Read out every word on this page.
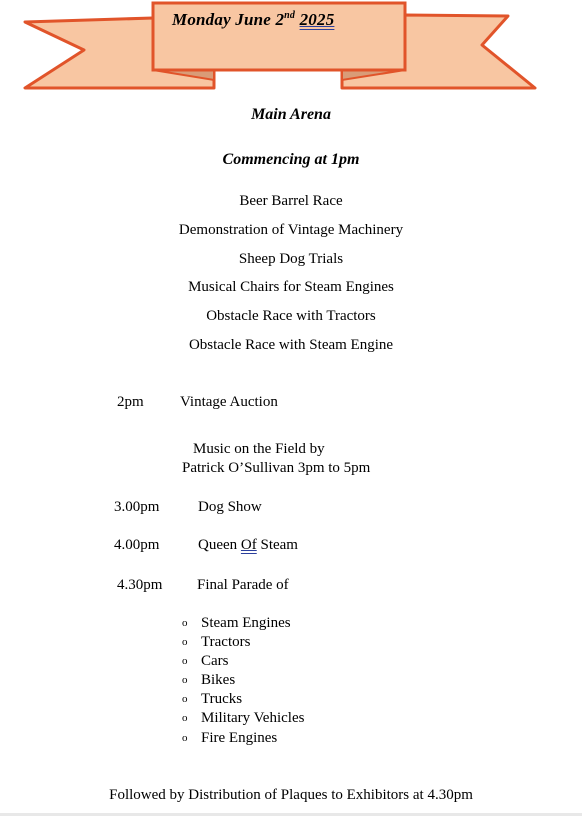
Monday June 2nd 2025
Main Arena
Commencing at 1pm
Beer Barrel Race
Demonstration of Vintage Machinery
Sheep Dog Trials
Musical Chairs for Steam Engines
Obstacle Race with Tractors
Obstacle Race with Steam Engine
2pm Vintage Auction
Music on the Field by
Patrick O’Sullivan 3pm to 5pm
3.00pm	Dog Show
4.00pm	Queen Of Steam
4.30pm Final Parade of
o Steam Engines
o Tractors
o Cars
o Bikes
o Trucks
o Military Vehicles
o Fire Engines
Followed by Distribution of Plaques to Exhibitors at 4.30pm
